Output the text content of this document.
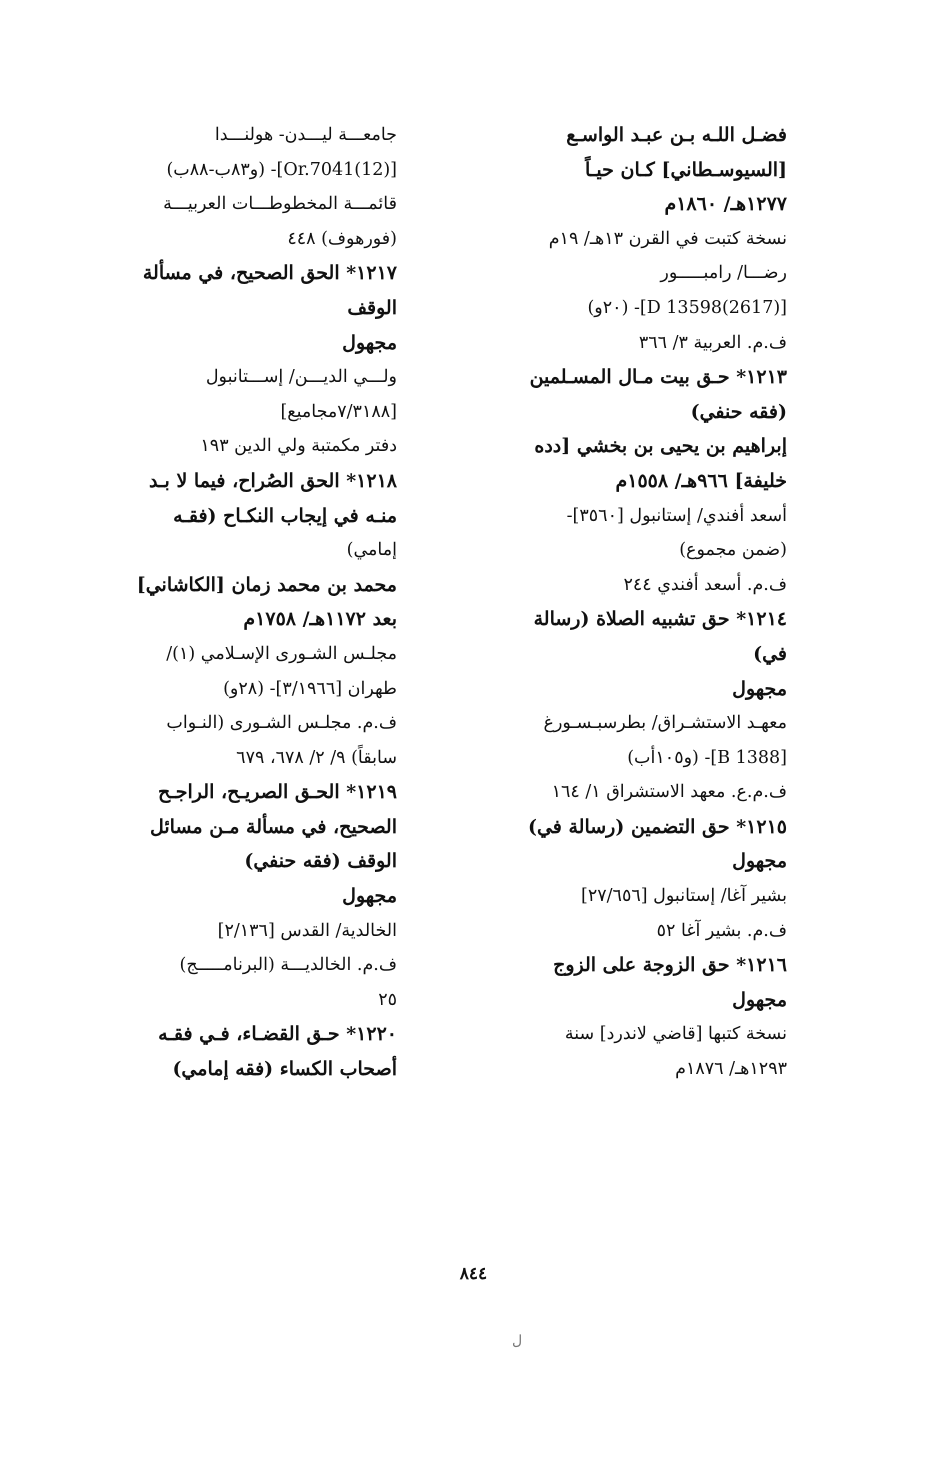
فضـل اللـه بـن عبـد الواسـع
[السيوسـطاني] كـان حيـاً
١٢٧٧هـ/ ١٨٦٠م
نسخة كتبت في القرن ١٣هـ/ ١٩م
رضـــا/ رامبـــــور
[D 13598(2617)]- (٢٠و)
ف.م. العربية ٣/ ٣٦٦
١٢١٣* حـق بيت مـال المسـلمين
(فقه حنفي)
إبراهيم بن يحيى بن بخشي [دده
خليفة] ٩٦٦هـ/ ١٥٥٨م
أسعد أفندي/ إستانبول [٣٥٦٠]-
(ضمن مجموع)
ف.م. أسعد أفندي ٢٤٤
١٢١٤* حق تشبيه الصلاة (رسالة
في)
مجهول
معهـد الاستشـراق/ بطرسبـسـورغ
[B 1388]- (و١٠٥أب)
ف.م.ع. معهد الاستشراق ١/ ١٦٤
١٢١٥* حق التضمين (رسالة في)
مجهول
بشير آغا/ إستانبول [٢٧/٦٥٦]
ف.م. بشير آغا ٥٢
١٢١٦* حق الزوجة على الزوج
مجهول
نسخة كتبها [قاضي لاندرد] سنة
١٢٩٣هـ/ ١٨٧٦م
جامعـــة ليـــدن- هولنـــدا
[Or.7041(12)]- (و٨٣ب-٨٨ب)
قائمـــة المخطوطـــات العربيـــة
(فورهوف) ٤٤٨
١٢١٧* الحق الصحيح، في مسألة
الوقف
مجهول
ولـــي الديـــن/ إســـتانبول
[٧/٣١٨٨مجاميع]
دفتر مكمتبة ولي الدين ١٩٣
١٢١٨* الحق الصُراح، فيما لا بـد
منـه في إيجاب النكـاح (فقـه
إمامي)
محمد بن محمد زمان [الكاشاني]
بعد ١١٧٢هـ/ ١٧٥٨م
مجلـس الشـورى الإسـلامي (١)/
طهران [٣/١٩٦٦]- (٢٨و)
ف.م. مجلـس الشـورى (النـواب
سابقاً) ٩/ ٢/ ٦٧٨، ٦٧٩
١٢١٩* الحـق الصريـح، الراجـح
الصحيح، في مسألة مـن مسائل
الوقف (فقه حنفي)
مجهول
الخالدية/ القدس [٢/١٣٦]
ف.م. الخالديـــة (البرنامـــــج)
٢٥
١٢٢٠* حـق القضـاء، فـي فقـه
أصحاب الكساء (فقه إمامي)
٨٤٤
ل
